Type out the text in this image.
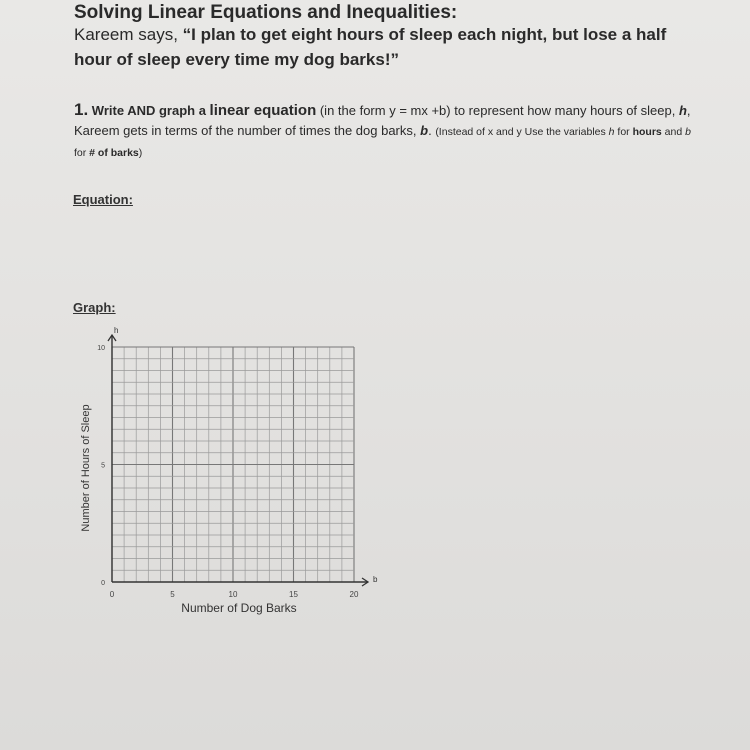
Solving Linear Equations and Inequalities:
Kareem says, “I plan to get eight hours of sleep each night, but lose a half
hour of sleep every time my dog barks!”
1. Write AND graph a linear equation (in the form y = mx +b) to represent how many hours of sleep, h, Kareem gets in terms of the number of times the dog barks, b. (Instead of x and y Use the variables h for hours and b for # of barks)
Equation:
Graph:
0	5	10	15	20
0
5
10
Number of Dog Barks
Number of Hours of Sleep
b
h
